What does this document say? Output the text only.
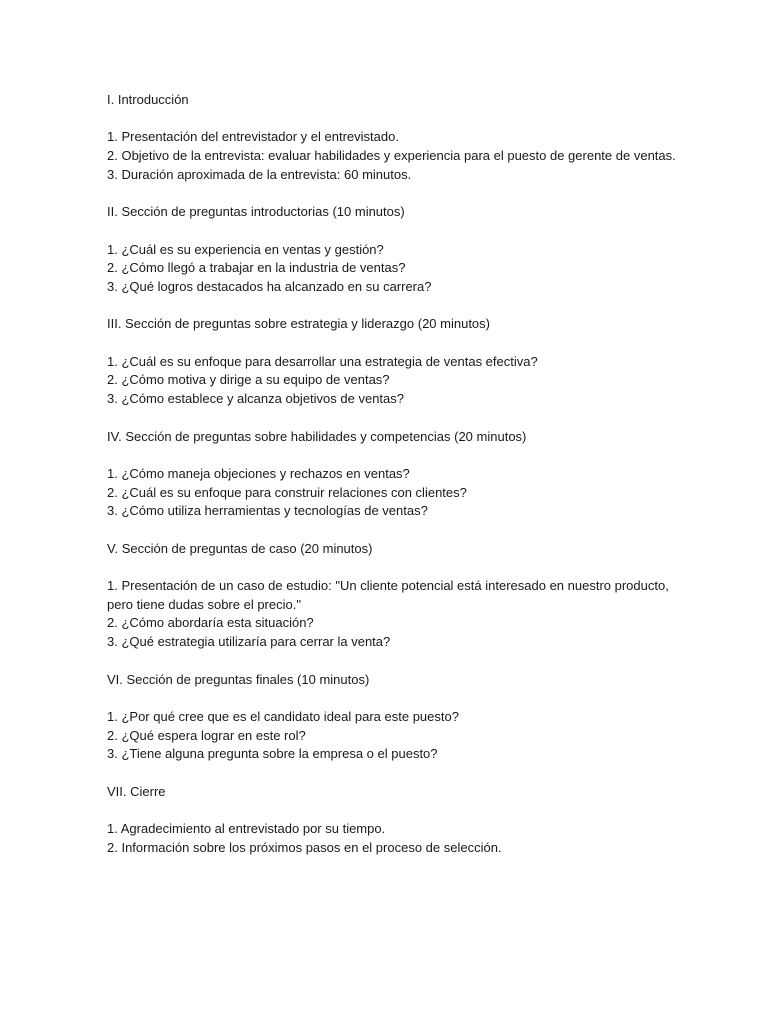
I. Introducción

1. Presentación del entrevistador y el entrevistado.

2. Objetivo de la entrevista: evaluar habilidades y experiencia para el puesto de gerente de ventas.

3. Duración aproximada de la entrevista: 60 minutos.

II. Sección de preguntas introductorias (10 minutos)

1. ¿Cuál es su experiencia en ventas y gestión?

2. ¿Cómo llegó a trabajar en la industria de ventas?

3. ¿Qué logros destacados ha alcanzado en su carrera?

III. Sección de preguntas sobre estrategia y liderazgo (20 minutos)

1. ¿Cuál es su enfoque para desarrollar una estrategia de ventas efectiva?

2. ¿Cómo motiva y dirige a su equipo de ventas?

3. ¿Cómo establece y alcanza objetivos de ventas?

IV. Sección de preguntas sobre habilidades y competencias (20 minutos)

1. ¿Cómo maneja objeciones y rechazos en ventas?

2. ¿Cuál es su enfoque para construir relaciones con clientes?

3. ¿Cómo utiliza herramientas y tecnologías de ventas?

V. Sección de preguntas de caso (20 minutos)

1. Presentación de un caso de estudio: "Un cliente potencial está interesado en nuestro producto, pero tiene dudas sobre el precio."

2. ¿Cómo abordaría esta situación?

3. ¿Qué estrategia utilizaría para cerrar la venta?

VI. Sección de preguntas finales (10 minutos)

1. ¿Por qué cree que es el candidato ideal para este puesto?

2. ¿Qué espera lograr en este rol?

3. ¿Tiene alguna pregunta sobre la empresa o el puesto?

VII. Cierre

1. Agradecimiento al entrevistado por su tiempo.

2. Información sobre los próximos pasos en el proceso de selección.
